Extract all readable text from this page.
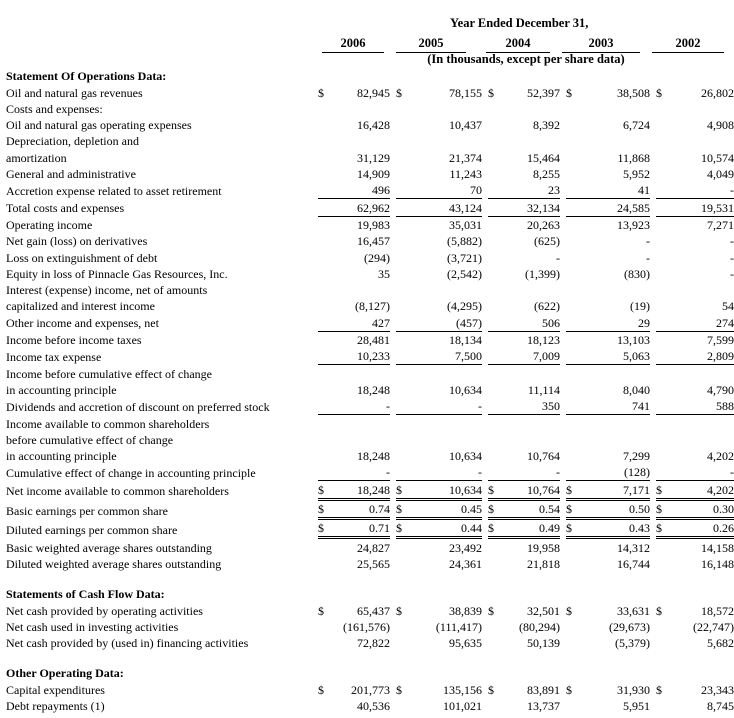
Year Ended December 31,
2006	2005	2004	2003	2002
(In thousands, except per share data)
Statement Of Operations Data:														
Oil and natural gas revenues	$	82,945		$	78,155		$	52,397		$	38,508		$	26,802
Costs and expenses:														
Oil and natural gas operating expenses		16,428			10,437			8,392			6,724			4,908
Depreciation, depletion and														
amortization		31,129			21,374			15,464			11,868			10,574
General and administrative		14,909			11,243			8,255			5,952			4,049
Accretion expense related to asset retirement		496			70			23			41			-
Total costs and expenses		62,962			43,124			32,134			24,585			19,531
Operating income		19,983			35,031			20,263			13,923			7,271
Net gain (loss) on derivatives		16,457			(5,882)			(625)			-			-
Loss on extinguishment of debt		(294)			(3,721)			-			-			-
Equity in loss of Pinnacle Gas Resources, Inc.		35			(2,542)			(1,399)			(830)			-
Interest (expense) income, net of amounts														
capitalized and interest income		(8,127)			(4,295)			(622)			(19)			54
Other income and expenses, net		427			(457)			506			29			274
Income before income taxes		28,481			18,134			18,123			13,103			7,599
Income tax expense		10,233			7,500			7,009			5,063			2,809
Income before cumulative effect of change														
in accounting principle		18,248			10,634			11,114			8,040			4,790
Dividends and accretion of discount on preferred stock		-			-			350			741			588
Income available to common shareholders														
before cumulative effect of change														
in accounting principle		18,248			10,634			10,764			7,299			4,202
Cumulative effect of change in accounting principle		-			-			-			(128)			-
Net income available to common shareholders	$	18,248		$	10,634		$	10,764		$	7,171		$	4,202
Basic earnings per common share	$	0.74		$	0.45		$	0.54		$	0.50		$	0.30
Diluted earnings per common share	$	0.71		$	0.44		$	0.49		$	0.43		$	0.26
Basic weighted average shares outstanding		24,827			23,492			19,958			14,312			14,158
Diluted weighted average shares outstanding		25,565			24,361			21,818			16,744			16,148

Statements of Cash Flow Data:														
Net cash provided by operating activities	$	65,437		$	38,839		$	32,501		$	33,631		$	18,572
Net cash used in investing activities		(161,576)			(111,417)			(80,294)			(29,673)			(22,747)
Net cash provided by (used in) financing activities		72,822			95,635			50,139			(5,379)			5,682

Other Operating Data:														
Capital expenditures	$	201,773		$	135,156		$	83,891		$	31,930		$	23,343
Debt repayments (1)		40,536			101,021			13,737			5,951			8,745
